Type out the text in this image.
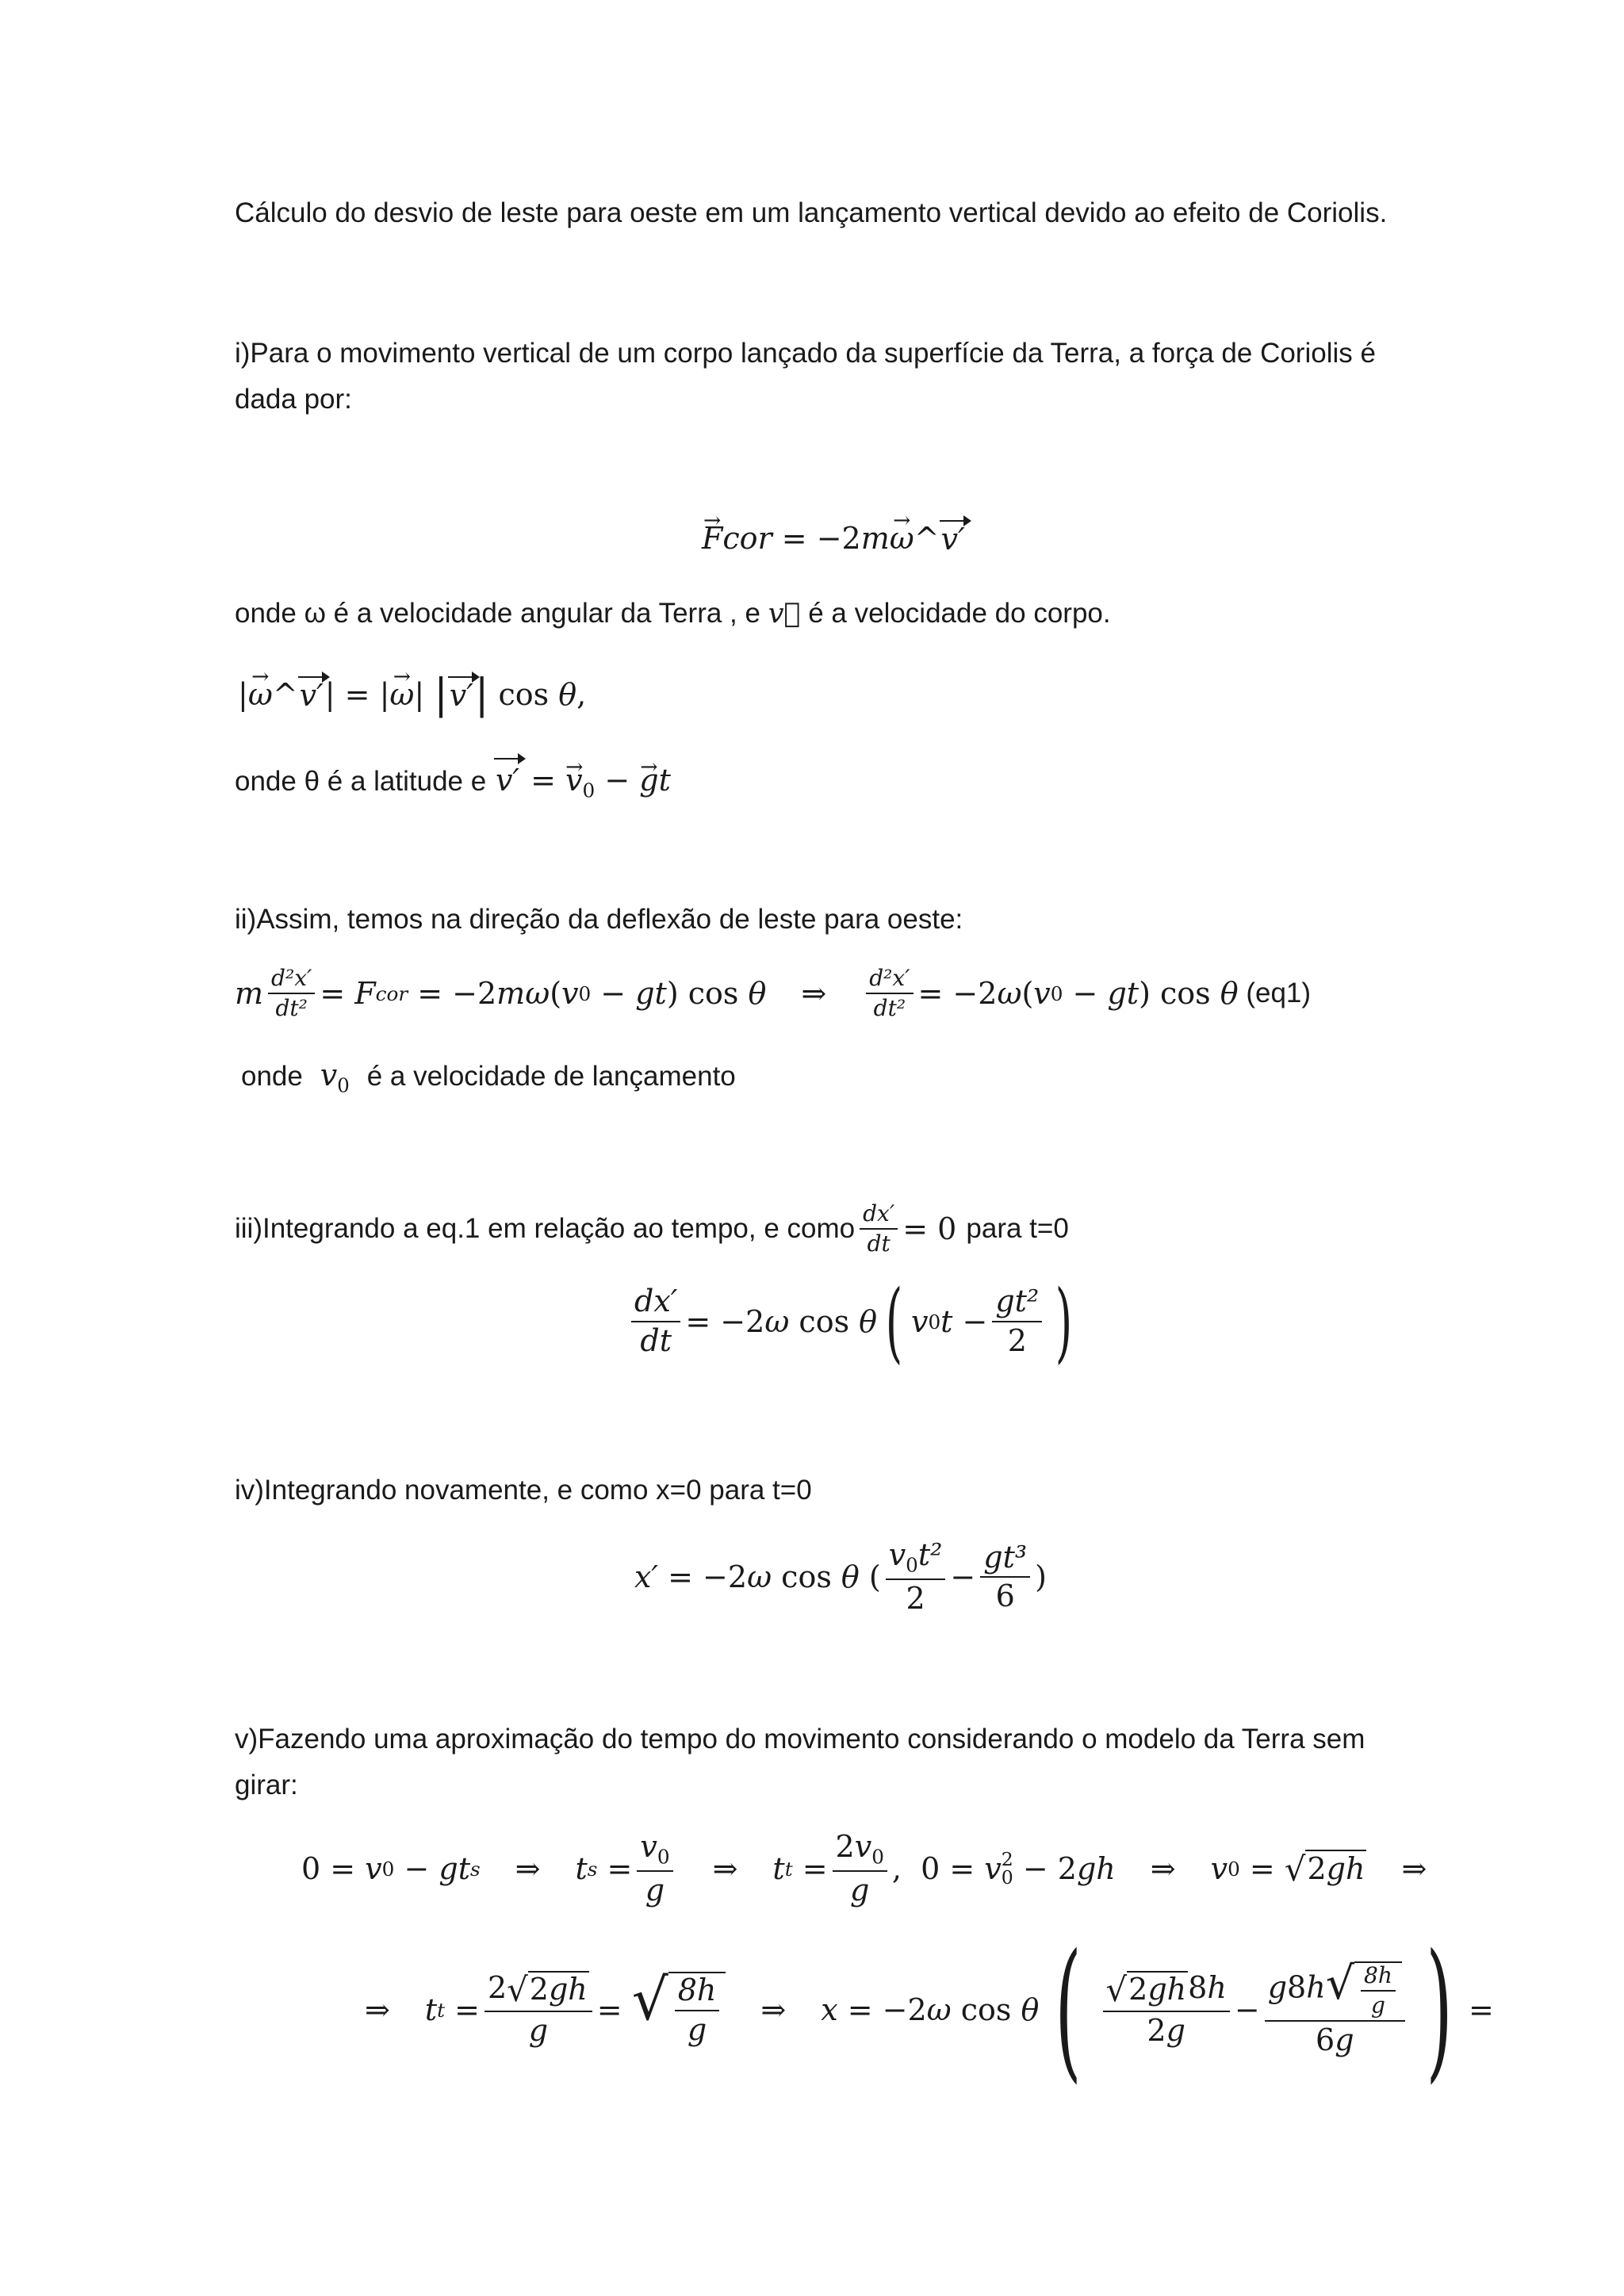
Cálculo do desvio de leste para oeste em um lançamento vertical devido ao efeito de Coriolis.
i)Para o movimento vertical de um corpo lançado da superfície da Terra, a força de Coriolis é
dada por:
→ Fcor = −2 m → ω ^ v′
onde ω é a velocidade angular da Terra , e v⃗ é a velocidade do corpo.
| → ω ^ v′ | = | → ω | | v′ | cos θ ,
onde θ é a latitude e v′ = → $v_0$ − → gt
ii)Assim, temos na direção da deflexão de leste para oeste:
m $\frac{\text{d²x′}}{\text{dt²}} = F$ cor = −2 mω ( v 0 − gt ) cos θ ⇒ $\frac{\text{d²x′}}{\text{dt²}} = -2$ ω ( v 0 − gt ) cos θ (eq1)
onde  $v_0$ é a velocidade de lançamento
iii)Integrando a eq.1 em relação ao tempo, e como $\frac{dx'}{dt} = 0$ para t=0
$\frac{dx'}{dt} = -2$ ω cos θ ( v 0 $t - \frac{\text{gt²}}{2}$ )
iv)Integrando novamente, e como x=0 para t=0
x′ = −2 ω cos θ ( $\frac{v_0t^2}{2} - \frac{\text{gt³}}{6}$ )
v)Fazendo uma aproximação do tempo do movimento considerando o modelo da Terra sem
girar:
0 = v 0 − gt s ⇒ t $s = \frac{v_0}{g}$ ⇒ t $t = \frac{2v_0}{g}$ ,  0 = v 2
0 − 2 gh ⇒ v 0 = √ 2gh ⇒
⇒ t $t = \frac{2 √ 2gh}{g}$ = √ $\frac{8h}{g}$ ⇒ x = −2 ω cos θ ( $\frac{√ 2gh 8h}{2g} - \frac{g8h √ \frac{8h}{g}}{6g}$ ) =
